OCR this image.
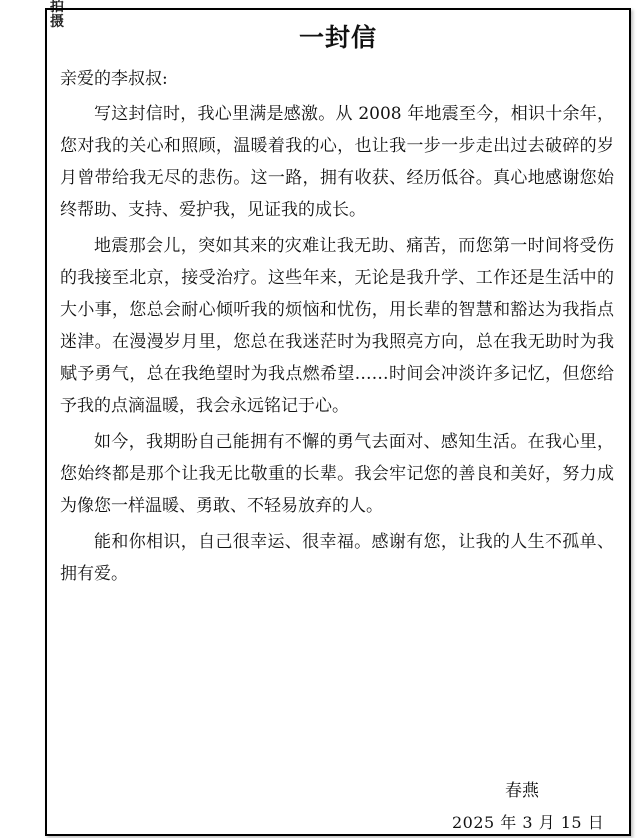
拍
摄
一封信
亲爱的李叔叔:

写这封信时，我心里满是感激。从 2008 年地震至今，相识十余年，您对我的关心和照顾，温暖着我的心，也让我一步一步走出过去破碎的岁月曾带给我无尽的悲伤。这一路，拥有收获、经历低谷。真心地感谢您始终帮助、支持、爱护我，见证我的成长。

地震那会儿，突如其来的灾难让我无助、痛苦，而您第一时间将受伤的我接至北京，接受治疗。这些年来，无论是我升学、工作还是生活中的大小事，您总会耐心倾听我的烦恼和忧伤，用长辈的智慧和豁达为我指点迷津。在漫漫岁月里，您总在我迷茫时为我照亮方向，总在我无助时为我赋予勇气，总在我绝望时为我点燃希望……时间会冲淡许多记忆，但您给予我的点滴温暖，我会永远铭记于心。

如今，我期盼自己能拥有不懈的勇气去面对、感知生活。在我心里，您始终都是那个让我无比敬重的长辈。我会牢记您的善良和美好，努力成为像您一样温暖、勇敢、不轻易放弃的人。

能和你相识，自己很幸运、很幸福。感谢有您，让我的人生不孤单、拥有爱。

春燕
2025 年 3 月 15 日
